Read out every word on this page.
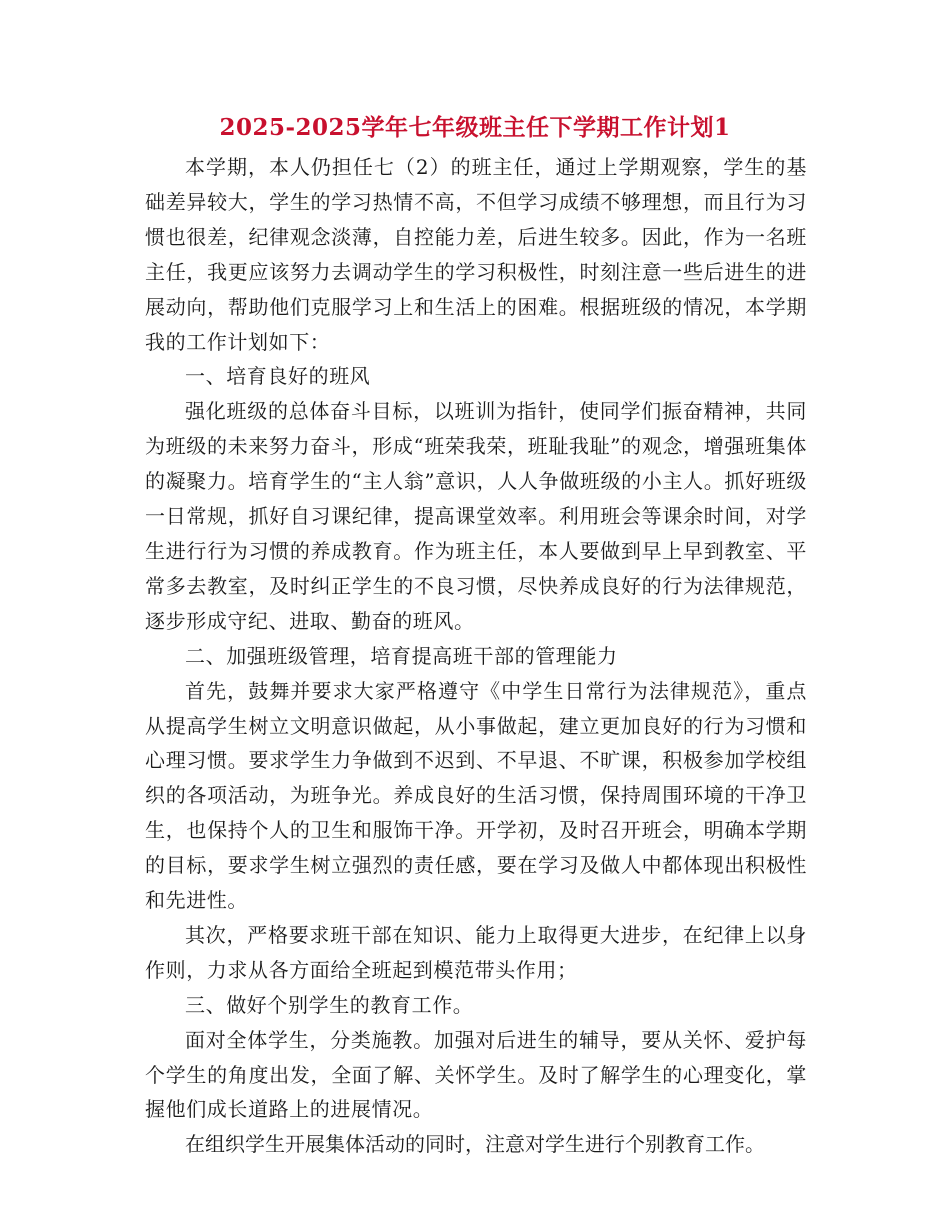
2025-2025学年七年级班主任下学期工作计划1

本学期，本人仍担任七（2）的班主任，通过上学期观察，学生的基础差异较大，学生的学习热情不高，不但学习成绩不够理想，而且行为习惯也很差，纪律观念淡薄，自控能力差，后进生较多。因此，作为一名班主任，我更应该努力去调动学生的学习积极性，时刻注意一些后进生的进展动向，帮助他们克服学习上和生活上的困难。根据班级的情况，本学期我的工作计划如下：

一、培育良好的班风

强化班级的总体奋斗目标，以班训为指针，使同学们振奋精神，共同为班级的未来努力奋斗，形成“班荣我荣，班耻我耻”的观念，增强班集体的凝聚力。培育学生的“主人翁”意识，人人争做班级的小主人。抓好班级一日常规，抓好自习课纪律，提高课堂效率。利用班会等课余时间，对学生进行行为习惯的养成教育。作为班主任，本人要做到早上早到教室、平常多去教室，及时纠正学生的不良习惯，尽快养成良好的行为法律规范，逐步形成守纪、进取、勤奋的班风。

二、加强班级管理，培育提高班干部的管理能力

首先，鼓舞并要求大家严格遵守《中学生日常行为法律规范》，重点从提高学生树立文明意识做起，从小事做起，建立更加良好的行为习惯和心理习惯。要求学生力争做到不迟到、不早退、不旷课，积极参加学校组织的各项活动，为班争光。养成良好的生活习惯，保持周围环境的干净卫生，也保持个人的卫生和服饰干净。开学初，及时召开班会，明确本学期的目标，要求学生树立强烈的责任感，要在学习及做人中都体现出积极性和先进性。

其次，严格要求班干部在知识、能力上取得更大进步，在纪律上以身作则，力求从各方面给全班起到模范带头作用；

三、做好个别学生的教育工作。

面对全体学生，分类施教。加强对后进生的辅导，要从关怀、爱护每个学生的角度出发，全面了解、关怀学生。及时了解学生的心理变化，掌握他们成长道路上的进展情况。

在组织学生开展集体活动的同时，注意对学生进行个别教育工作。
